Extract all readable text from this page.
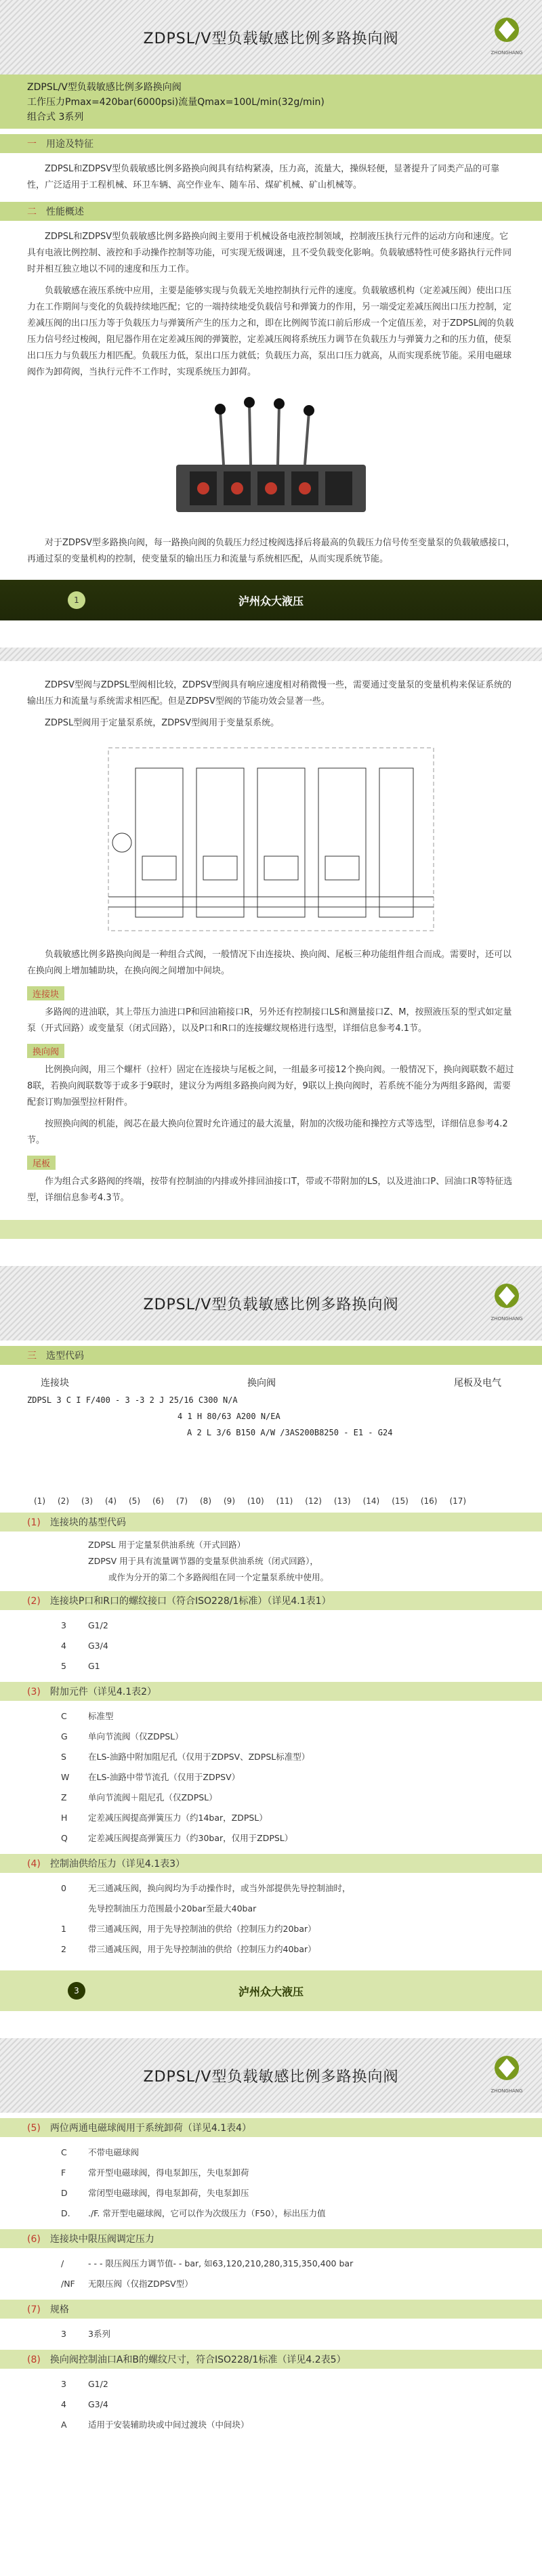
ZDPSL/V型负载敏感比例多路换向阀
ZHONGHANG
ZDPSL/V型负载敏感比例多路换向阀
工作压力Pmax=420bar(6000psi)流量Qmax=100L/min(32g/min)
组合式 3系列
一　 用途及特征
ZDPSL和ZDPSV型负载敏感比例多路换向阀具有结构紧凑，压力高，流量大，操纵轻便，显著提升了同类产品的可靠性，广泛适用于工程机械、环卫车辆、高空作业车、随车吊、煤矿机械、矿山机械等。
二　 性能概述
ZDPSL和ZDPSV型负载敏感比例多路换向阀主要用于机械设备电液控制领域，控制液压执行元件的运动方向和速度。它具有电液比例控制、液控和手动操作控制等功能，可实现无级调速，且不受负载变化影响。负载敏感特性可使多路执行元件同时并相互独立地以不同的速度和压力工作。
负载敏感在液压系统中应用，主要是能够实现与负载无关地控制执行元件的速度。负载敏感机构（定差减压阀）使出口压力在工作期间与变化的负载持续地匹配；它的一端持续地受负载信号和弹簧力的作用，另一端受定差减压阀出口压力控制，定差减压阀的出口压力等于负载压力与弹簧所产生的压力之和，即在比例阀节流口前后形成一个定值压差，对于ZDPSL阀的负载压力信号经过梭阀，阻尼器作用在定差减压阀的弹簧腔，定差减压阀将系统压力调节在负载压力与弹簧力之和的压力值，使泵出口压力与负载压力相匹配。负载压力低，泵出口压力就低；负载压力高，泵出口压力就高，从而实现系统节能。采用电磁球阀作为卸荷阀，当执行元件不工作时，实现系统压力卸荷。
对于ZDPSV型多路换向阀，每一路换向阀的负载压力经过梭阀选择后将最高的负载压力信号传至变量泵的负载敏感接口，再通过泵的变量机构的控制，使变量泵的输出压力和流量与系统相匹配，从而实现系统节能。
1	泸州众大液压
ZDPSV型阀与ZDPSL型阀相比较，ZDPSV型阀具有响应速度相对稍微慢一些，需要通过变量泵的变量机构来保证系统的输出压力和流量与系统需求相匹配。但是ZDPSV型阀的节能功效会显著一些。
ZDPSL型阀用于定量泵系统，ZDPSV型阀用于变量泵系统。
负载敏感比例多路换向阀是一种组合式阀，一般情况下由连接块、换向阀、尾板三种功能组件组合而成。需要时，还可以在换向阀上增加辅助块，在换向阀之间增加中间块。
连接块
多路阀的进油联，其上带压力油进口P和回油箱接口R，另外还有控制接口LS和测量接口Z、M，按照液压泵的型式如定量泵（开式回路）或变量泵（闭式回路），以及P口和R口的连接螺纹规格进行选型，详细信息参考4.1节。
换向阀
比例换向阀，用三个螺杆（拉杆）固定在连接块与尾板之间，一组最多可接12个换向阀。一般情况下，换向阀联数不超过8联，若换向阀联数等于或多于9联时，建议分为两组多路换向阀为好，9联以上换向阀时，若系统不能分为两组多路阀，需要配套订购加强型拉杆附件。
按照换向阀的机能，阀芯在最大换向位置时允许通过的最大流量，附加的次级功能和操控方式等选型，详细信息参考4.2节。
尾板
作为组合式多路阀的终端，按带有控制油的内排或外排回油接口T，带或不带附加的LS，以及进油口P、回油口R等特征选型，详细信息参考4.3节。
ZDPSL/V型负载敏感比例多路换向阀
ZHONGHANG
三　 选型代码
连接块	换向阀	尾板及电气
ZDPSL 3 C I F/400 - 3 -3 2 J 25/16 C300 N/A
4 1 H 80/63 A200 N/EA
A 2 L 3/6 B150 A/W /3AS200B8250 - E1 - G24
(1) (2) (3) (4) (5) (6) (7) (8) (9) (10) (11) (12) (13) (14) (15) (16) (17)
(1)　 连接块的基型代码
ZDPSL 用于定量泵供油系统（开式回路）
ZDPSV 用于具有流量调节器的变量泵供油系统（闭式回路），
或作为分开的第二个多路阀组在同一个定量泵系统中使用。
(2)　 连接块P口和R口的螺纹接口（符合ISO228/1标准）（详见4.1表1）
3	G1/2
4	G3/4
5	G1
(3)　 附加元件（详见4.1表2）
C	标准型
G	单向节流阀（仅ZDPSL）
S	在LS-油路中附加阻尼孔（仅用于ZDPSV、ZDPSL标准型）
W	在LS-油路中带节流孔（仅用于ZDPSV）
Z	单向节流阀＋阻尼孔（仅ZDPSL）
H	定差减压阀提高弹簧压力（约14bar，ZDPSL）
Q	定差减压阀提高弹簧压力（约30bar，仅用于ZDPSL）
(4)　 控制油供给压力（详见4.1表3）
0	无三通减压阀，换向阀均为手动操作时，或当外部提供先导控制油时，
先导控制油压力范围最小20bar至最大40bar
1	带三通减压阀，用于先导控制油的供给（控制压力约20bar）
2	带三通减压阀，用于先导控制油的供给（控制压力约40bar）
3	泸州众大液压
ZDPSL/V型负载敏感比例多路换向阀
ZHONGHANG
(5)　 两位两通电磁球阀用于系统卸荷（详见4.1表4）
C	不带电磁球阀
F	常开型电磁球阀，得电泵卸压，失电泵卸荷
D	常闭型电磁球阀，得电泵卸荷，失电泵卸压
D.	./F. 常开型电磁球阀，它可以作为次级压力（F50），标出压力值
(6)　 连接块中限压阀调定压力
/	- - - 限压阀压力调节值- - bar, 如63,120,210,280,315,350,400 bar
/NF	无限压阀（仅指ZDPSV型）
(7)　 规格
3	3系列
(8)　 换向阀控制油口A和B的螺纹尺寸，符合ISO228/1标准（详见4.2表5）
3	G1/2
4	G3/4
A	适用于安装辅助块或中间过渡块（中间块）
